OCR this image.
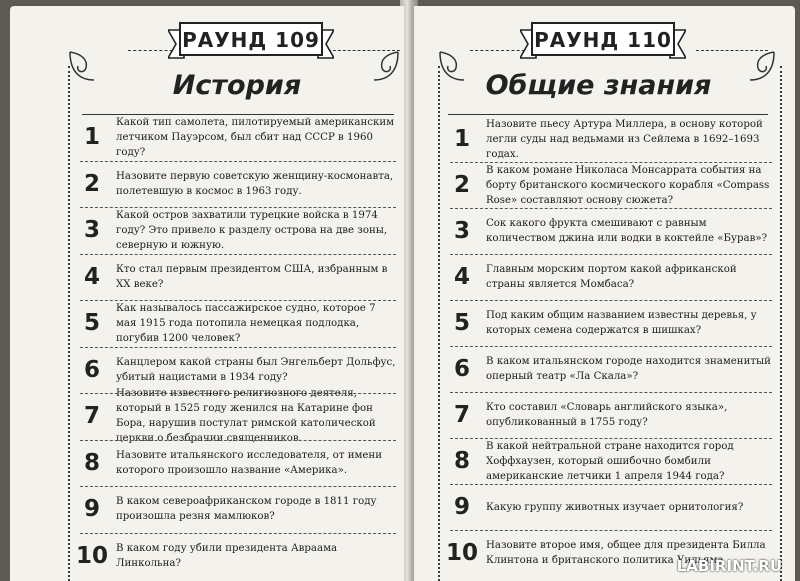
РАУНД 109
История
1
Какой тип самолета, пилотируемый американским летчиком Пауэрсом, был сбит над СССР в 1960 году?
2	Назовите первую советскую женщину-космонавта, полетевшую в космос в 1963 году.
3
Какой остров захватили турецкие войска в 1974 году? Это привело к разделу острова на две зоны, северную и южную.
4	Кто стал первым президентом США, избранным в XX веке?
5
Как называлось пассажирское судно, которое 7 мая 1915 года потопила немецкая подлодка, погубив 1200 человек?
6	Канцлером какой страны был Энгельберт Дольфус, убитый нацистами в 1934 году?
7
Назовите известного религиозного деятеля, который в 1525 году женился на Катарине фон Бора, нарушив постулат римской католической церкви о безбрачии священников.
8	Назовите итальянского исследователя, от имени которого произошло название «Америка».
9	В каком североафриканском городе в 1811 году произошла резня мамлюков?
10 В каком году убили президента Авраама Линкольна?
РАУНД 110
Общие знания
1
Назовите пьесу Артура Миллера, в основу которой легли суды над ведьмами из Сейлема в 1692–1693 годах.
2
В каком романе Николаса Монсаррата события на борту британского космического корабля «Compass Rose» составляют основу сюжета?
3	Сок какого фрукта смешивают с равным количеством джина или водки в коктейле «Бурав»?
4	Главным морским портом какой африканской страны является Момбаса?
5	Под каким общим названием известны деревья, у которых семена содержатся в шишках?
6	В каком итальянском городе находится знаменитый оперный театр «Ла Скала»?
7	Кто составил «Словарь английского языка», опубликованный в 1755 году?
8
В какой нейтральной стране находится город Хоффхаузен, который ошибочно бомбили американские летчики 1 апреля 1944 года?
9	Какую группу животных изучает орнитология?
10 Назовите второе имя, общее для президента Билла Клинтона и британского политика Уильяма
LABIRINT.RU
